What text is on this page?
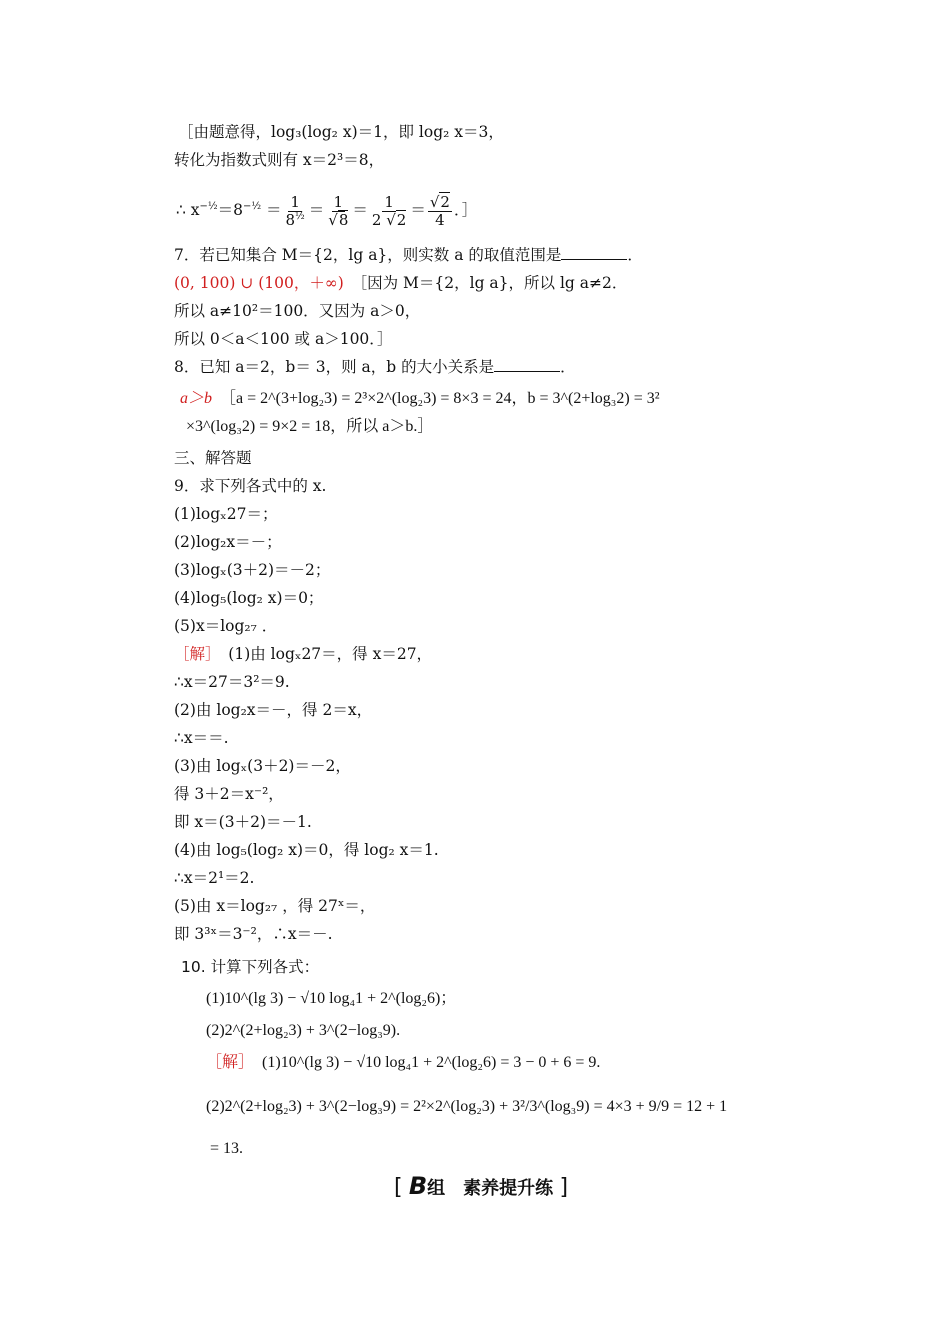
［由题意得，log₃(log₂ x)＝1，即 log₂ x＝3，
转化为指数式则有 x＝2³＝8，
∴ $x^{-\frac{1}{2}}=8^{-\frac{1}{2}} = \frac{1}{8^{\frac{1}{2}}} = \frac{1}{√8} = \frac{1}{2 √2} = \frac{√2}{4}$ ．］
7．若已知集合 M＝{2，lg a}，则实数 a 的取值范围是	．
(0, 100) ∪ (100，＋∞)　 ［因为 M＝{2，lg a}，所以 lg a≠2．
所以 a≠10²＝100．又因为 a＞0，
所以 0＜a＜100 或 a＞100．］
8．已知 a＝2，b＝ 3，则 a，b 的大小关系是	．
a＞b　 ［a = 2^(3+log₂3) = 2³×2^(log₂3) = 8×3 = 24，b = 3^(2+log₃2) = 3²
×3^(log₃2) = 9×2 = 18，所以 a＞b.］
三、解答题
9．求下列各式中的 x.
(1)logₓ27＝；
(2)log₂x＝－；
(3)logₓ(3＋2)＝－2；
(4)log₅(log₂ x)＝0；
(5)x＝log₂₇ ．
［解］　 (1)由 logₓ27＝，得 x＝27，
∴x＝27＝3²＝9.
(2)由 log₂x＝－，得 2＝x，
∴x＝＝.
(3)由 logₓ(3＋2)＝－2，
得 3＋2＝x⁻²，
即 x＝(3＋2)＝－1.
(4)由 log₅(log₂ x)＝0，得 log₂ x＝1.
∴x＝2¹＝2.
(5)由 x＝log₂₇ ，得 27ˣ＝，
即 3³ˣ＝3⁻²，∴x＝－.
10. 计算下列各式：
(1)10^(lg 3) − √10 log₄1 + 2^(log₂6)；
(2)2^(2+log₂3) + 3^(2−log₃9).
［解］　 (1)10^(lg 3) − √10 log₄1 + 2^(log₂6) = 3 − 0 + 6 = 9.
(2)2^(2+log₂3) + 3^(2−log₃9) = 2²×2^(log₂3) + 3²/3^(log₃9) = 4×3 + 9/9 = 12 + 1
= 13.
[ B组　素养提升练 ]
